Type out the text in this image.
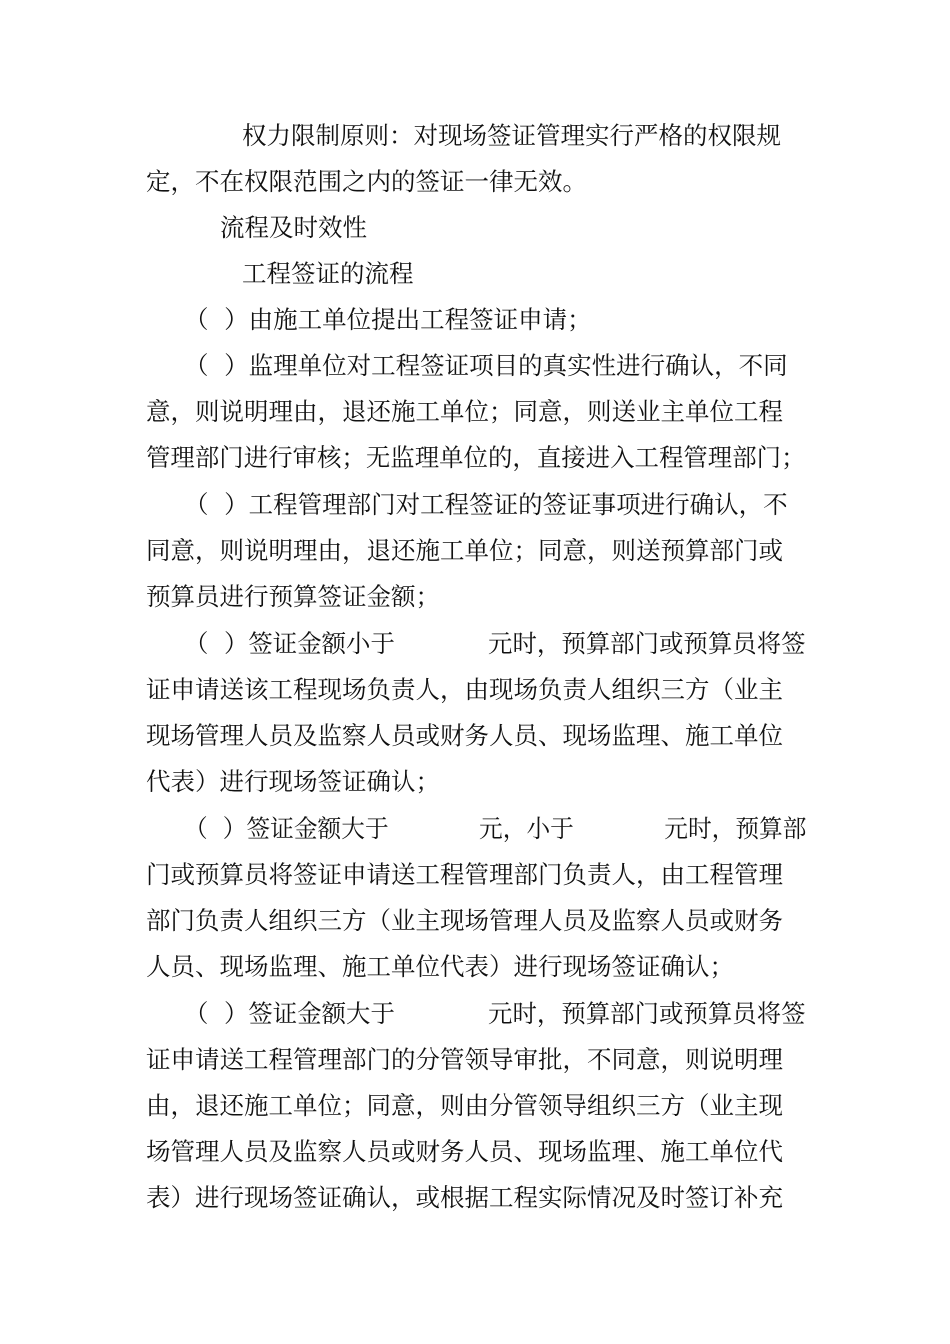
权力限制原则：对现场签证管理实行严格的权限规
定，不在权限范围之内的签证一律无效。
流程及时效性
工程签证的流程
（  ）由施工单位提出工程签证申请；
（  ）监理单位对工程签证项目的真实性进行确认，不同
意，则说明理由，退还施工单位；同意，则送业主单位工程
管理部门进行审核；无监理单位的，直接进入工程管理部门；
（  ）工程管理部门对工程签证的签证事项进行确认，不
同意，则说明理由，退还施工单位；同意，则送预算部门或
预算员进行预算签证金额；
（  ）签证金额小于            元时，预算部门或预算员将签
证申请送该工程现场负责人，由现场负责人组织三方（业主
现场管理人员及监察人员或财务人员、现场监理、施工单位
代表）进行现场签证确认；
（  ）签证金额大于            元，小于            元时，预算部
门或预算员将签证申请送工程管理部门负责人，由工程管理
部门负责人组织三方（业主现场管理人员及监察人员或财务
人员、现场监理、施工单位代表）进行现场签证确认；
（  ）签证金额大于            元时，预算部门或预算员将签
证申请送工程管理部门的分管领导审批，不同意，则说明理
由，退还施工单位；同意，则由分管领导组织三方（业主现
场管理人员及监察人员或财务人员、现场监理、施工单位代
表）进行现场签证确认，或根据工程实际情况及时签订补充
